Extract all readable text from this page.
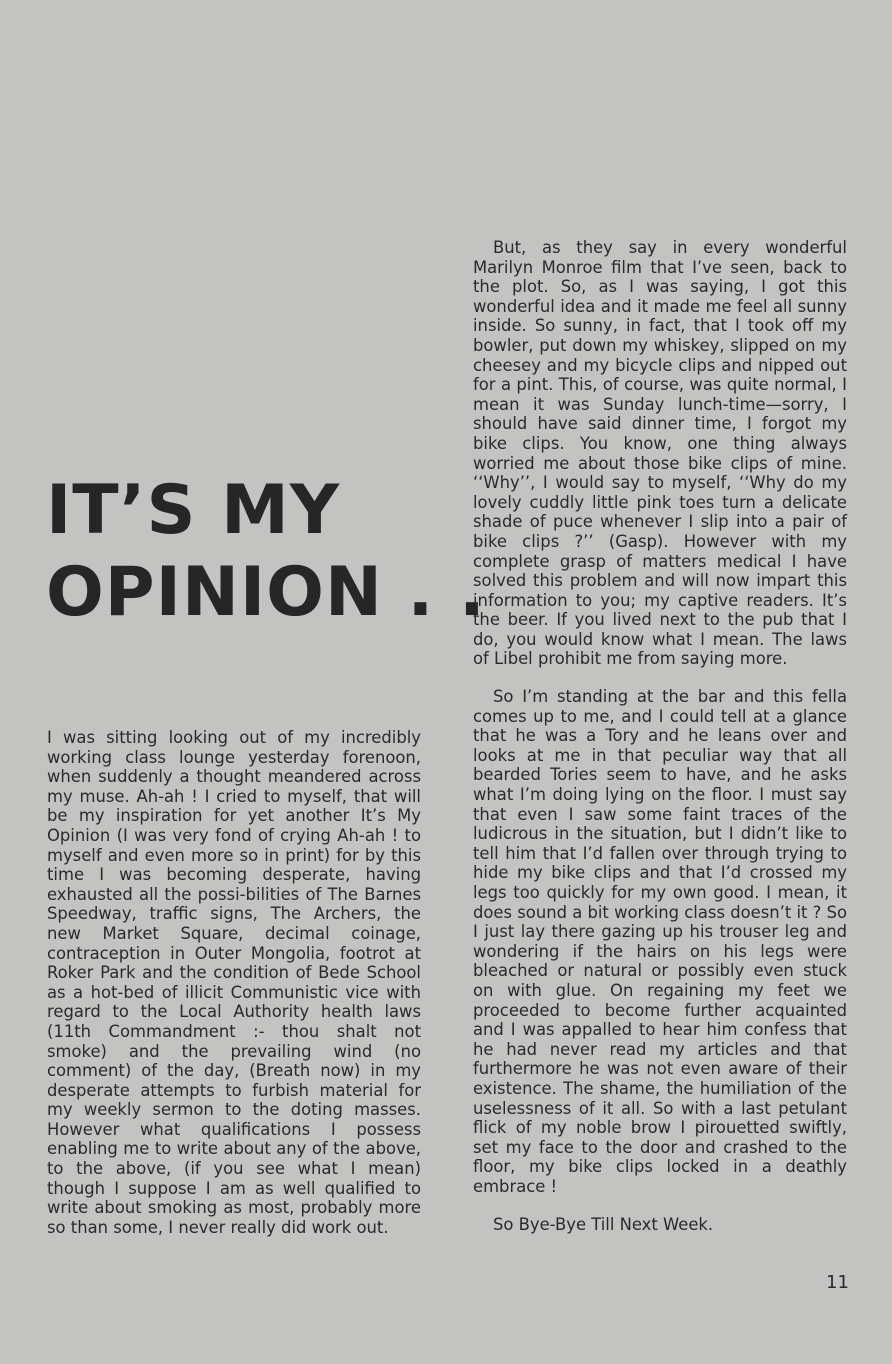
IT’S MY
OPINION . .

But, as they say in every wonderful Marilyn Monroe film that I’ve seen, back to the plot. So, as I was saying, I got this wonderful idea and it made me feel all sunny inside. So sunny, in fact, that I took off my bowler, put down my whiskey, slipped on my cheesey and my bicycle clips and nipped out for a pint. This, of course, was quite normal, I mean it was Sunday lunch-time—sorry, I should have said dinner time, I forgot my bike clips. You know, one thing always worried me about those bike clips of mine. ‘‘Why’’, I would say to myself, ‘‘Why do my lovely cuddly little pink toes turn a delicate shade of puce whenever I slip into a pair of bike clips ?’’ (Gasp). However with my complete grasp of matters medical I have solved this problem and will now impart this information to you; my captive readers. It’s the beer. If you lived next to the pub that I do, you would know what I mean. The laws of Libel prohibit me from saying more.

So I’m standing at the bar and this fella comes up to me, and I could tell at a glance that he was a Tory and he leans over and looks at me in that peculiar way that all bearded Tories seem to have, and he asks what I’m doing lying on the floor. I must say that even I saw some faint traces of the ludicrous in the situation, but I didn’t like to tell him that I’d fallen over through trying to hide my bike clips and that I’d crossed my legs too quickly for my own good. I mean, it does sound a bit working class doesn’t it ? So I just lay there gazing up his trouser leg and wondering if the hairs on his legs were bleached or natural or possibly even stuck on with glue. On regaining my feet we proceeded to become further acquainted and I was appalled to hear him confess that he had never read my articles and that furthermore he was not even aware of their existence. The shame, the humiliation of the uselessness of it all. So with a last petulant flick of my noble brow I pirouetted swiftly, set my face to the door and crashed to the floor, my bike clips locked in a deathly embrace !

So Bye-Bye Till Next Week.

I was sitting looking out of my incredibly working class lounge yesterday forenoon, when suddenly a thought meandered across my muse. Ah-ah ! I cried to myself, that will be my inspiration for yet another It’s My Opinion (I was very fond of crying Ah-ah ! to myself and even more so in print) for by this time I was becoming desperate, having exhausted all the possi-bilities of The Barnes Speedway, traffic signs, The Archers, the new Market Square, decimal coinage, contraception in Outer Mongolia, footrot at Roker Park and the condition of Bede School as a hot-bed of illicit Communistic vice with regard to the Local Authority health laws (11th Commandment :- thou shalt not smoke) and the prevailing wind (no comment) of the day, (Breath now) in my desperate attempts to furbish material for my weekly sermon to the doting masses. However what qualifications I possess enabling me to write about any of the above, to the above, (if you see what I mean) though I suppose I am as well qualified to write about smoking as most, probably more so than some, I never really did work out.

11
